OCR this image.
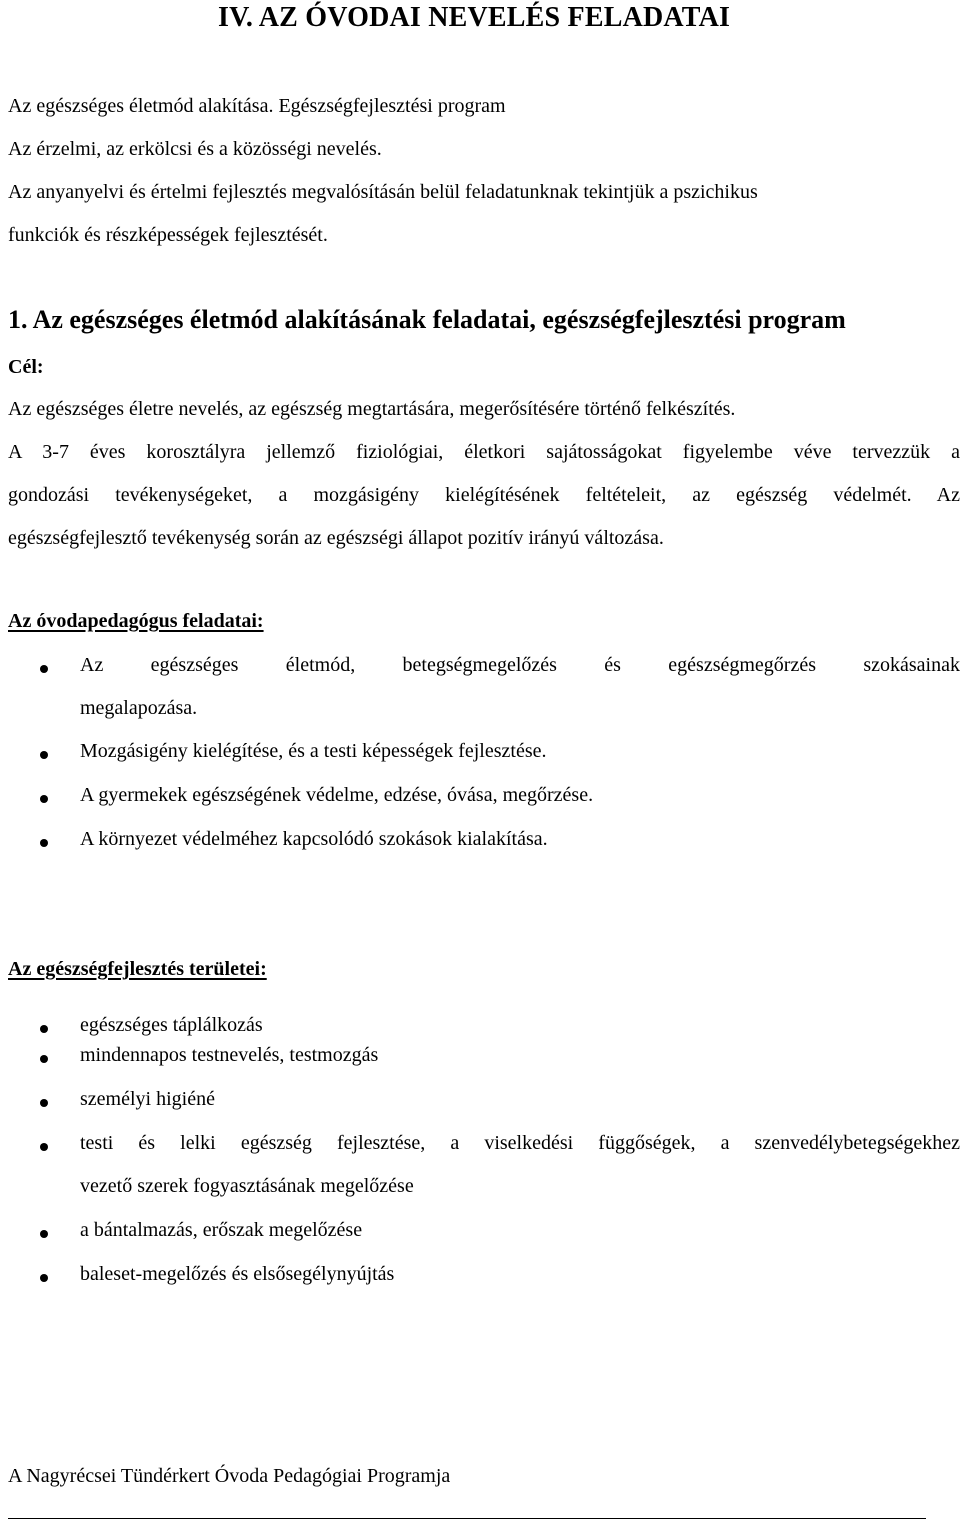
IV. AZ ÓVODAI NEVELÉS FELADATAI
Az egészséges életmód alakítása. Egészségfejlesztési program
Az érzelmi, az erkölcsi és a közösségi nevelés.
Az anyanyelvi és értelmi fejlesztés megvalósításán belül feladatunknak tekintjük a pszichikus
funkciók és részképességek fejlesztését.
1. Az egészséges életmód alakításának feladatai, egészségfejlesztési program
Cél:
Az egészséges életre nevelés, az egészség megtartására, megerősítésére történő felkészítés.
A 3-7 éves korosztályra jellemző fiziológiai, életkori sajátosságokat figyelembe véve tervezzük a
gondozási tevékenységeket, a mozgásigény kielégítésének feltételeit, az egészség védelmét. Az
egészségfejlesztő tevékenység során az egészségi állapot pozitív irányú változása.
Az óvodapedagógus feladatai:
Az egészséges életmód, betegségmegelőzés és egészségmegőrzés szokásainak
megalapozása.
Mozgásigény kielégítése, és a testi képességek fejlesztése.
A gyermekek egészségének védelme, edzése, óvása, megőrzése.
A környezet védelméhez kapcsolódó szokások kialakítása.
Az egészségfejlesztés területei:
egészséges táplálkozás
mindennapos testnevelés, testmozgás
személyi higiéné
testi és lelki egészség fejlesztése, a viselkedési függőségek, a szenvedélybetegségekhez
vezető szerek fogyasztásának megelőzése
a bántalmazás, erőszak megelőzése
baleset-megelőzés és elsősegélynyújtás
A Nagyrécsei Tündérkert Óvoda Pedagógiai Programja
